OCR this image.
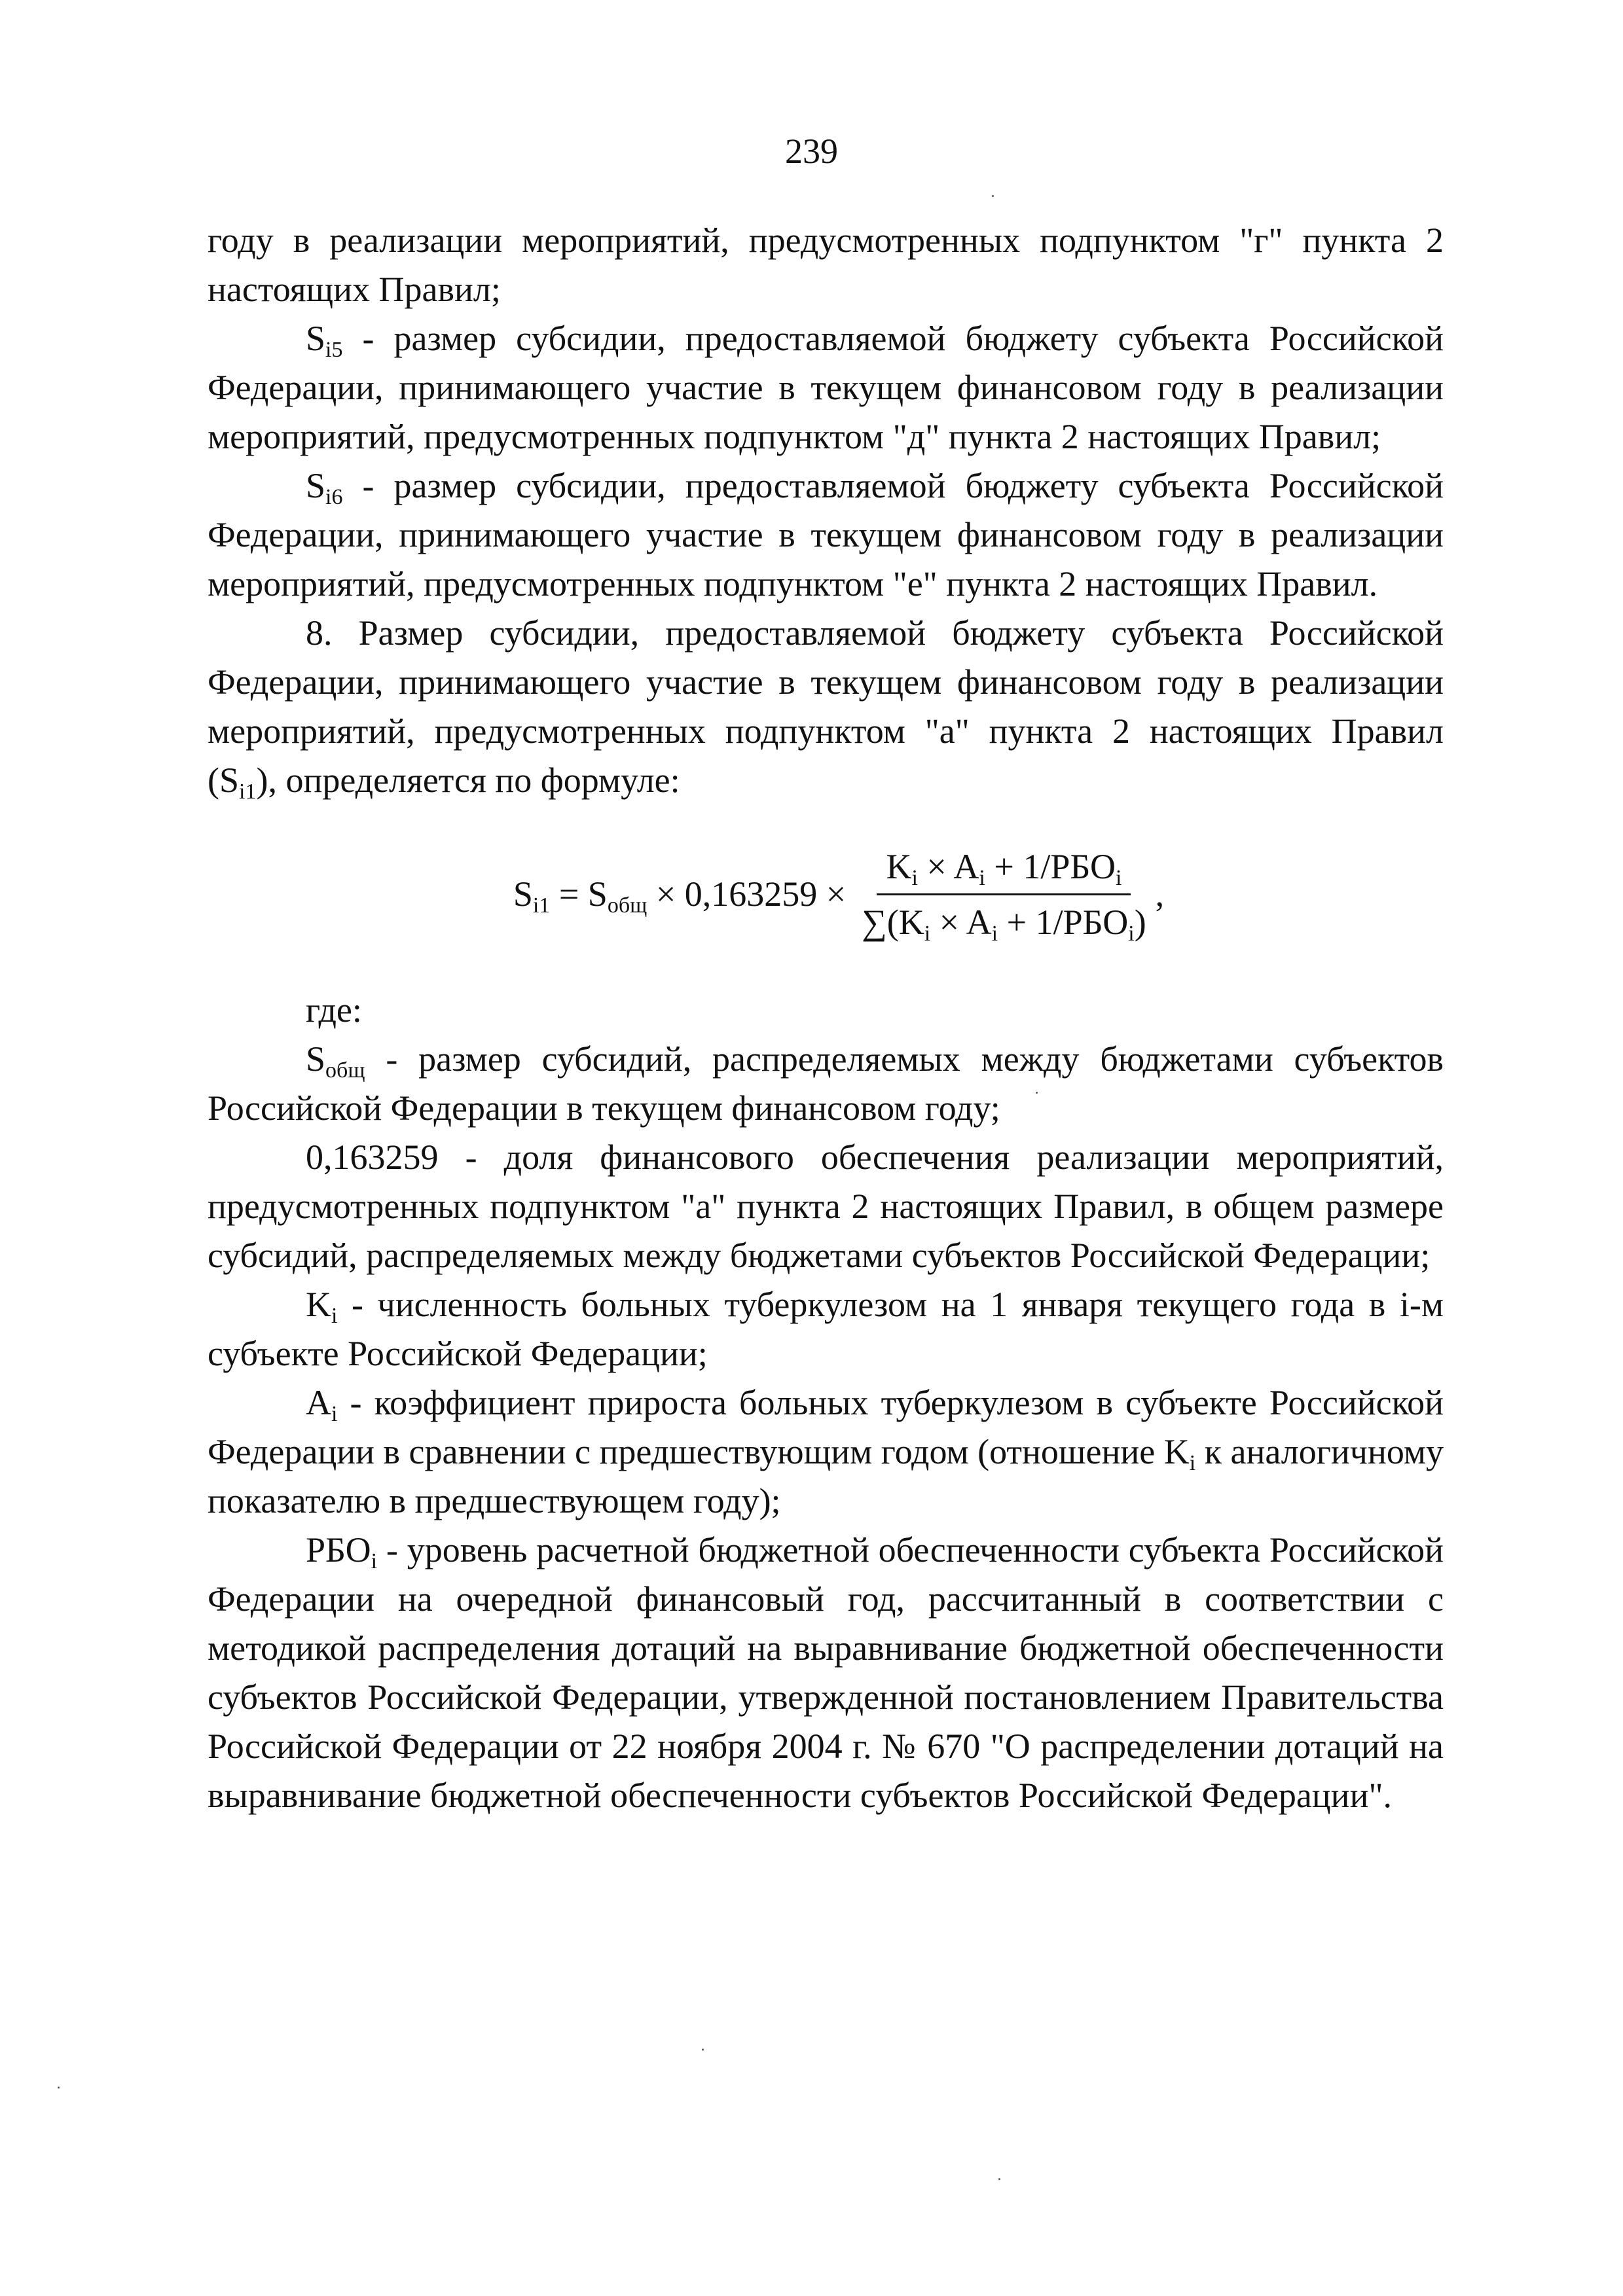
239

году в реализации мероприятий, предусмотренных подпунктом "г" пункта 2 настоящих Правил;

$S_{i5}$ - размер субсидии, предоставляемой бюджету субъекта Российской Федерации, принимающего участие в текущем финансовом году в реализации мероприятий, предусмотренных подпунктом "д" пункта 2 настоящих Правил;

$S_{i6}$ - размер субсидии, предоставляемой бюджету субъекта Российской Федерации, принимающего участие в текущем финансовом году в реализации мероприятий, предусмотренных подпунктом "е" пункта 2 настоящих Правил.

8. Размер субсидии, предоставляемой бюджету субъекта Российской Федерации, принимающего участие в текущем финансовом году в реализации мероприятий, предусмотренных подпунктом "а" пункта 2 настоящих Правил $(S_{i1})$, определяется по формуле:

$S_{i1} = S_{общ} \times 0,163259 \times \frac{K_i \times A_i + 1/РБО_i}{\sum(K_i \times A_i + 1/РБО_i)}$ ,

где:

$S_{общ}$ - размер субсидий, распределяемых между бюджетами субъектов Российской Федерации в текущем финансовом году;

0,163259 - доля финансового обеспечения реализации мероприятий, предусмотренных подпунктом "а" пункта 2 настоящих Правил, в общем размере субсидий, распределяемых между бюджетами субъектов Российской Федерации;

$K_i$ - численность больных туберкулезом на 1 января текущего года в i-м субъекте Российской Федерации;

$A_i$ - коэффициент прироста больных туберкулезом в субъекте Российской Федерации в сравнении с предшествующим годом (отношение $K_i$ к аналогичному показателю в предшествующем году);

$РБО_i$ - уровень расчетной бюджетной обеспеченности субъекта Российской Федерации на очередной финансовый год, рассчитанный в соответствии с методикой распределения дотаций на выравнивание бюджетной обеспеченности субъектов Российской Федерации, утвержденной постановлением Правительства Российской Федерации от 22 ноября 2004 г. № 670 "О распределении дотаций на выравнивание бюджетной обеспеченности субъектов Российской Федерации".
